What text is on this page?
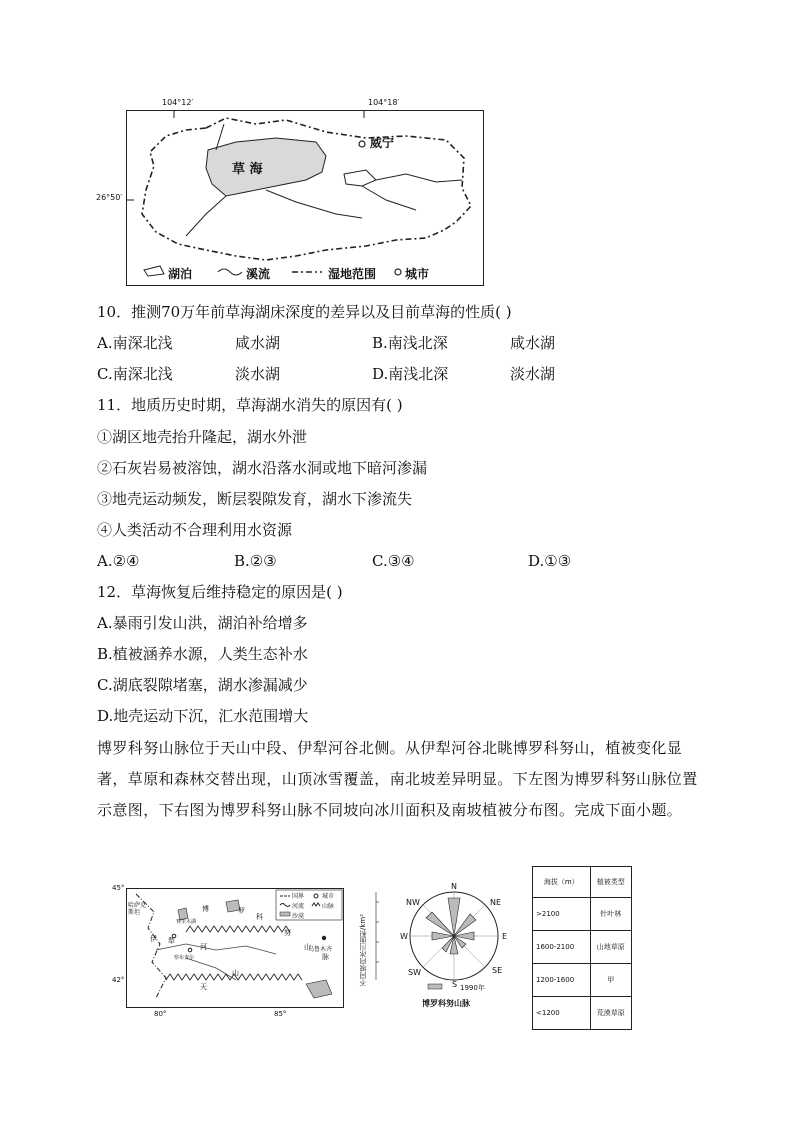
104°12′	104°18′
26°50′
草 海
威宁
湖泊	溪流	湿地范围 城市
10．推测70万年前草海湖床深度的差异以及目前草海的性质( )
A.南深北浅	咸水湖	B.南浅北深	咸水湖
C.南深北浅	淡水湖	D.南浅北深	淡水湖
11．地质历史时期，草海湖水消失的原因有( )
①湖区地壳抬升隆起，湖水外泄
②石灰岩易被溶蚀，湖水沿落水洞或地下暗河渗漏
③地壳运动频发，断层裂隙发育，湖水下渗流失
④人类活动不合理利用水资源
A.②④	B.②③	C.③④	D.①③
12．草海恢复后维持稳定的原因是( )
A.暴雨引发山洪，湖泊补给增多
B.植被涵养水源，人类生态补水
C.湖底裂隙堵塞，湖水渗漏减少
D.地壳运动下沉，汇水范围增大
博罗科努山脉位于天山中段、伊犁河谷北侧。从伊犁河谷北眺博罗科努山，植被变化显著，草原和森林交替出现，山顶冰雪覆盖，南北坡差异明显。下左图为博罗科努山脉位置示意图，下右图为博罗科努山脉不同坡向冰川面积及南坡植被分布图。完成下面小题。
45°
42°
80°	85°
国界	城市
河流	山脉
沙漠
哈萨克斯坦
伊 犁
河
博	罗
科
努
山
脉
天
山
乌鲁木齐
赛里木湖
察布查尔	不同坡向冰川面积/km²
N
NE
E
SE
S
SW
W
NW
1990年
博罗科努山脉
海拔（m）	植被类型
>2100	针叶林
1600-2100	山地草原
1200-1600	甲
<1200	荒漠草原
